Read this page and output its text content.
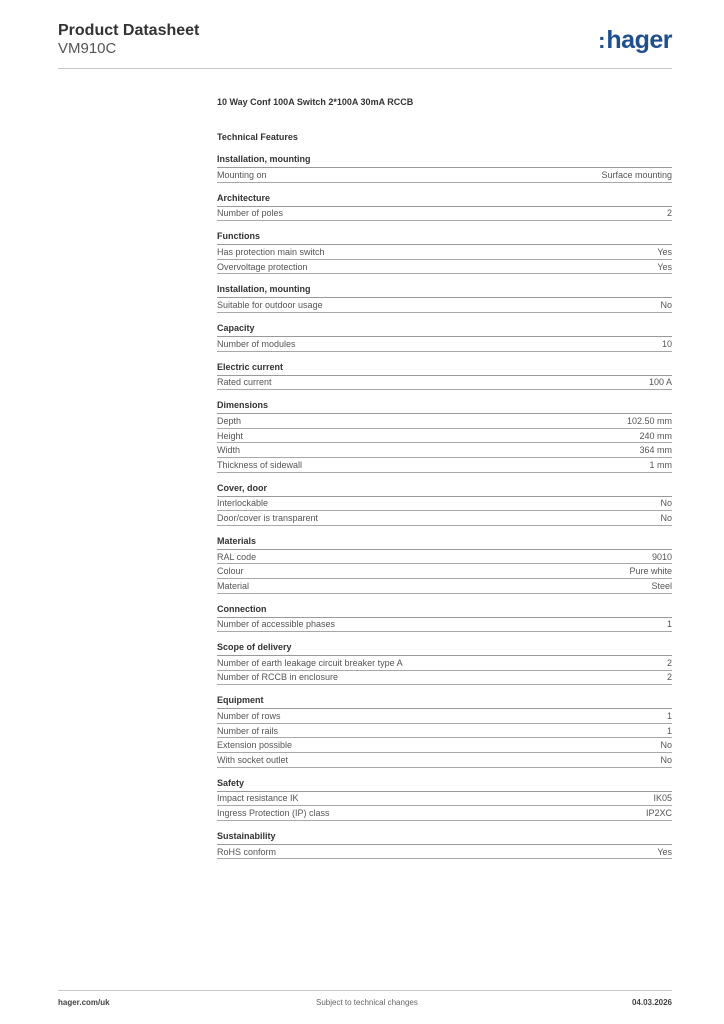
Product Datasheet
VM910C	:hager
10 Way Conf 100A Switch 2*100A 30mA RCCB
Technical Features
Installation, mounting
Mounting on	Surface mounting
Architecture
Number of poles	2
Functions
Has protection main switch	Yes
Overvoltage protection	Yes
Installation, mounting
Suitable for outdoor usage	No
Capacity
Number of modules	10
Electric current
Rated current	100 A
Dimensions
Depth	102.50 mm
Height	240 mm
Width	364 mm
Thickness of sidewall	1 mm
Cover, door
Interlockable	No
Door/cover is transparent	No
Materials
RAL code	9010
Colour	Pure white
Material	Steel
Connection
Number of accessible phases	1
Scope of delivery
Number of earth leakage circuit breaker type A	2
Number of RCCB in enclosure	2
Equipment
Number of rows	1
Number of rails	1
Extension possible	No
With socket outlet	No
Safety
Impact resistance IK	IK05
Ingress Protection (IP) class	IP2XC
Sustainability
RoHS conform	Yes
hager.com/uk	Subject to technical changes	04.03.2026
